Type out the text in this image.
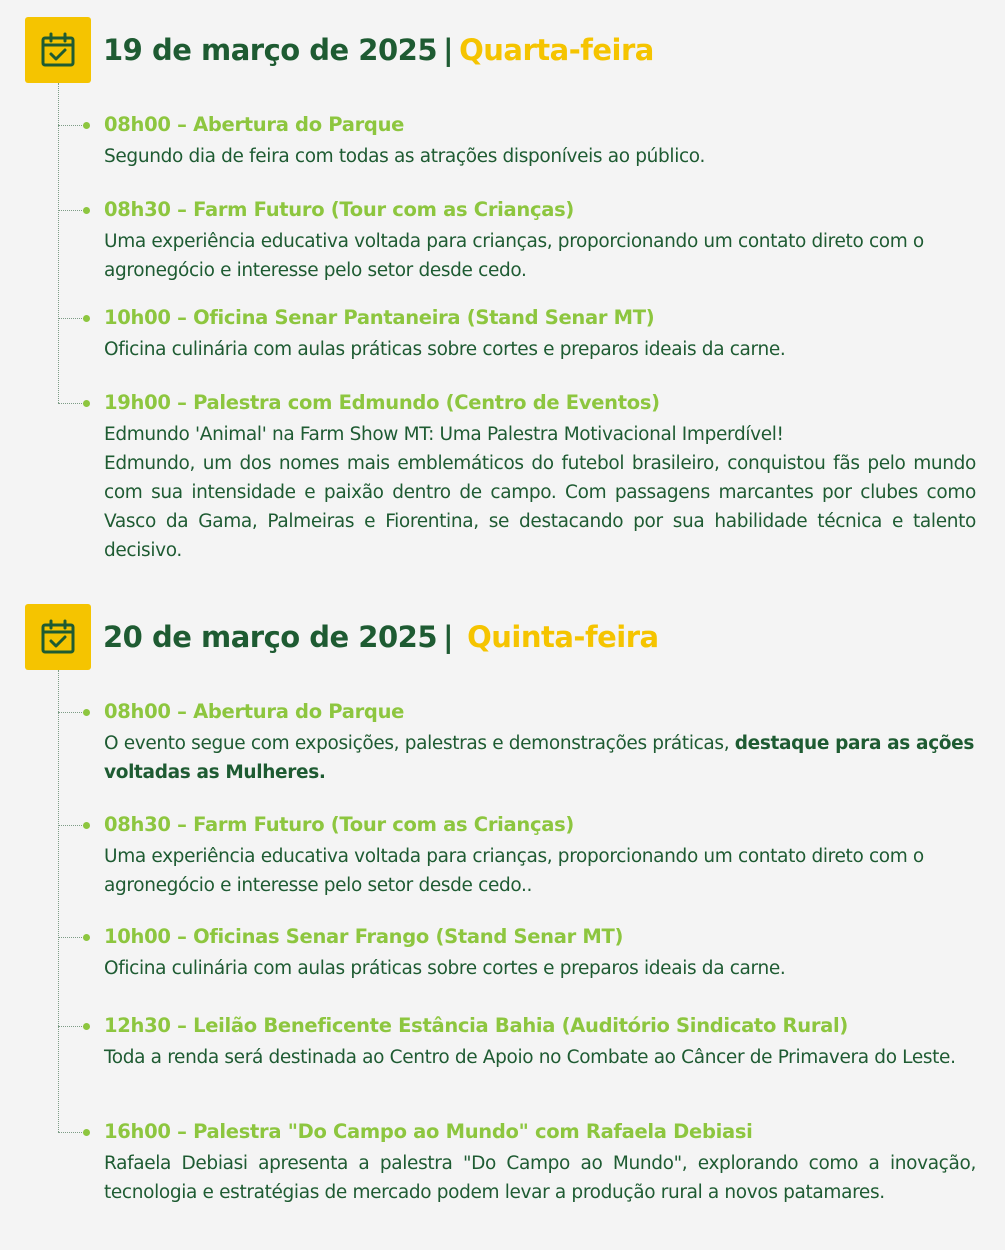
19 de março de 2025 | Quarta-feira
08h00 – Abertura do Parque
Segundo dia de feira com todas as atrações disponíveis ao público.
08h30 – Farm Futuro (Tour com as Crianças)
Uma experiência educativa voltada para crianças, proporcionando um contato direto com o agronegócio e interesse pelo setor desde cedo.
10h00 – Oficina Senar Pantaneira (Stand Senar MT)
Oficina culinária com aulas práticas sobre cortes e preparos ideais da carne.
19h00 – Palestra com Edmundo (Centro de Eventos)
Edmundo 'Animal' na Farm Show MT: Uma Palestra Motivacional Imperdível!
Edmundo, um dos nomes mais emblemáticos do futebol brasileiro, conquistou fãs pelo mundo com sua intensidade e paixão dentro de campo. Com passagens marcantes por clubes como Vasco da Gama, Palmeiras e Fiorentina, se destacando por sua habilidade técnica e talento decisivo.
20 de março de 2025 | Quinta-feira
08h00 – Abertura do Parque
O evento segue com exposições, palestras e demonstrações práticas, destaque para as ações voltadas as Mulheres.
08h30 – Farm Futuro (Tour com as Crianças)
Uma experiência educativa voltada para crianças, proporcionando um contato direto com o agronegócio e interesse pelo setor desde cedo..
10h00 – Oficinas Senar Frango (Stand Senar MT)
Oficina culinária com aulas práticas sobre cortes e preparos ideais da carne.
12h30 – Leilão Beneficente Estância Bahia (Auditório Sindicato Rural)
Toda a renda será destinada ao Centro de Apoio no Combate ao Câncer de Primavera do Leste.
16h00 – Palestra "Do Campo ao Mundo" com Rafaela Debiasi
Rafaela Debiasi apresenta a palestra "Do Campo ao Mundo", explorando como a inovação, tecnologia e estratégias de mercado podem levar a produção rural a novos patamares.
